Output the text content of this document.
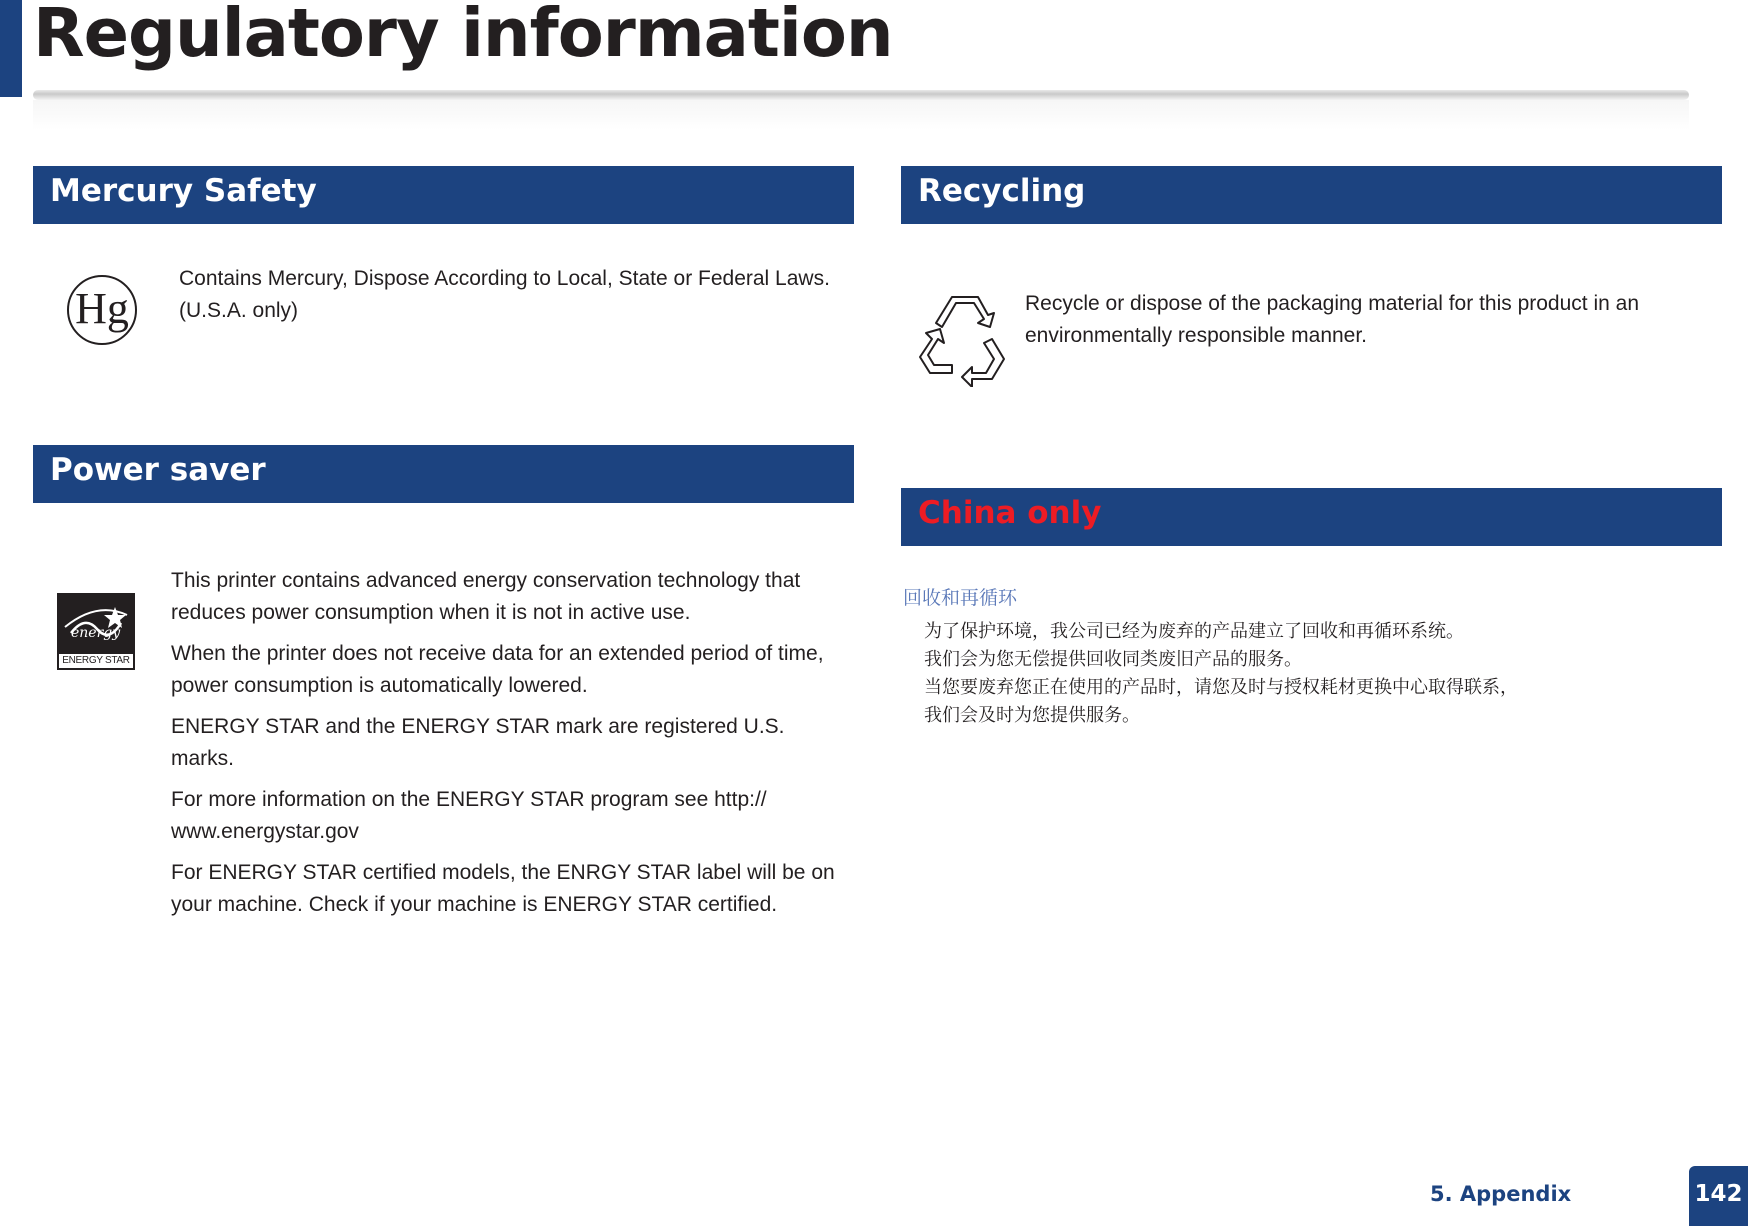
Regulatory information
Mercury Safety
Hg
Contains Mercury, Dispose According to Local, State or Federal Laws.(U.S.A. only)
Power saver
energy
ENERGY STAR

This printer contains advanced energy conservation technology that reduces power consumption when it is not in active use.

When the printer does not receive data for an extended period of time, power consumption is automatically lowered.

ENERGY STAR and the ENERGY STAR mark are registered U.S. marks.

For more information on the ENERGY STAR program see http:// www.energystar.gov

For ENERGY STAR certified models, the ENRGY STAR label will be on your machine. Check if your machine is ENERGY STAR certified.

Recycling
Recycle or dispose of the packaging material for this product in an environmentally responsible manner.
China only
回收和再循环
为了保护环境，我公司已经为废弃的产品建立了回收和再循环系统。
我们会为您无偿提供回收同类废旧产品的服务。
当您要废弃您正在使用的产品时，请您及时与授权耗材更换中心取得联系，
我们会及时为您提供服务。
5. Appendix	142
